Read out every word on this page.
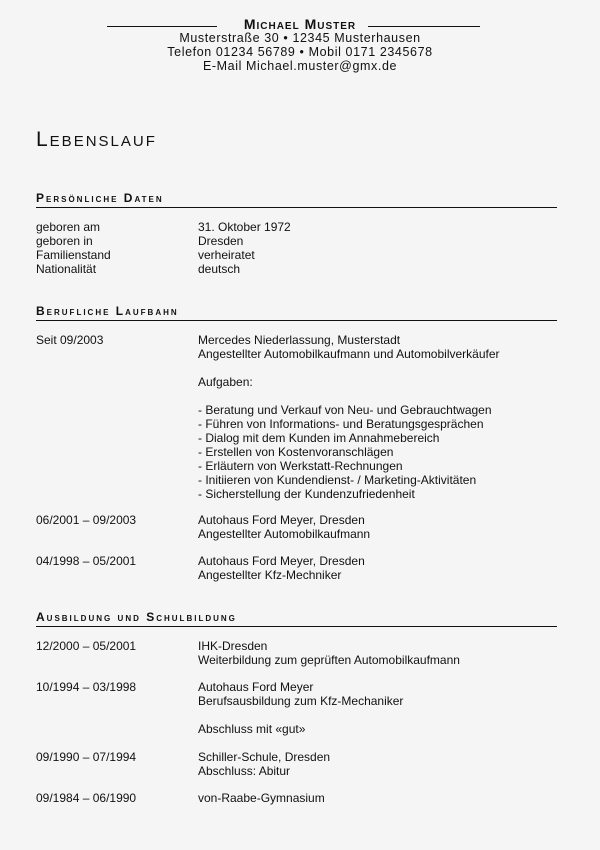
Michael Muster
Musterstraße 30 • 12345 Musterhausen
Telefon 01234 56789 • Mobil 0171 2345678
E-Mail Michael.muster@gmx.de
Lebenslauf
Persönliche Daten
geboren am	31. Oktober 1972
geboren in	Dresden
Familienstand	verheiratet
Nationalität	deutsch
Berufliche Laufbahn
Ausbildung und Schulbildung
Seit 09/2003	Mercedes Niederlassung, Musterstadt
Angestellter Automobilkaufmann und Automobilverkäufer
Aufgaben:
- Beratung und Verkauf von Neu- und Gebrauchtwagen
- Führen von Informations- und Beratungsgesprächen
- Dialog mit dem Kunden im Annahmebereich
- Erstellen von Kostenvoranschlägen
- Erläutern von Werkstatt-Rechnungen
- Initiieren von Kundendienst- / Marketing-Aktivitäten
- Sicherstellung der Kundenzufriedenheit
06/2001 – 09/2003	Autohaus Ford Meyer, Dresden
Angestellter Automobilkaufmann
04/1998 – 05/2001	Autohaus Ford Meyer, Dresden
Angestellter Kfz-Mechniker
12/2000 – 05/2001	IHK-Dresden
Weiterbildung zum geprüften Automobilkaufmann
10/1994 – 03/1998	Autohaus Ford Meyer
Berufsausbildung zum Kfz-Mechaniker
Abschluss mit «gut»
09/1990 – 07/1994	Schiller-Schule, Dresden
Abschluss: Abitur
09/1984 – 06/1990	von-Raabe-Gymnasium
